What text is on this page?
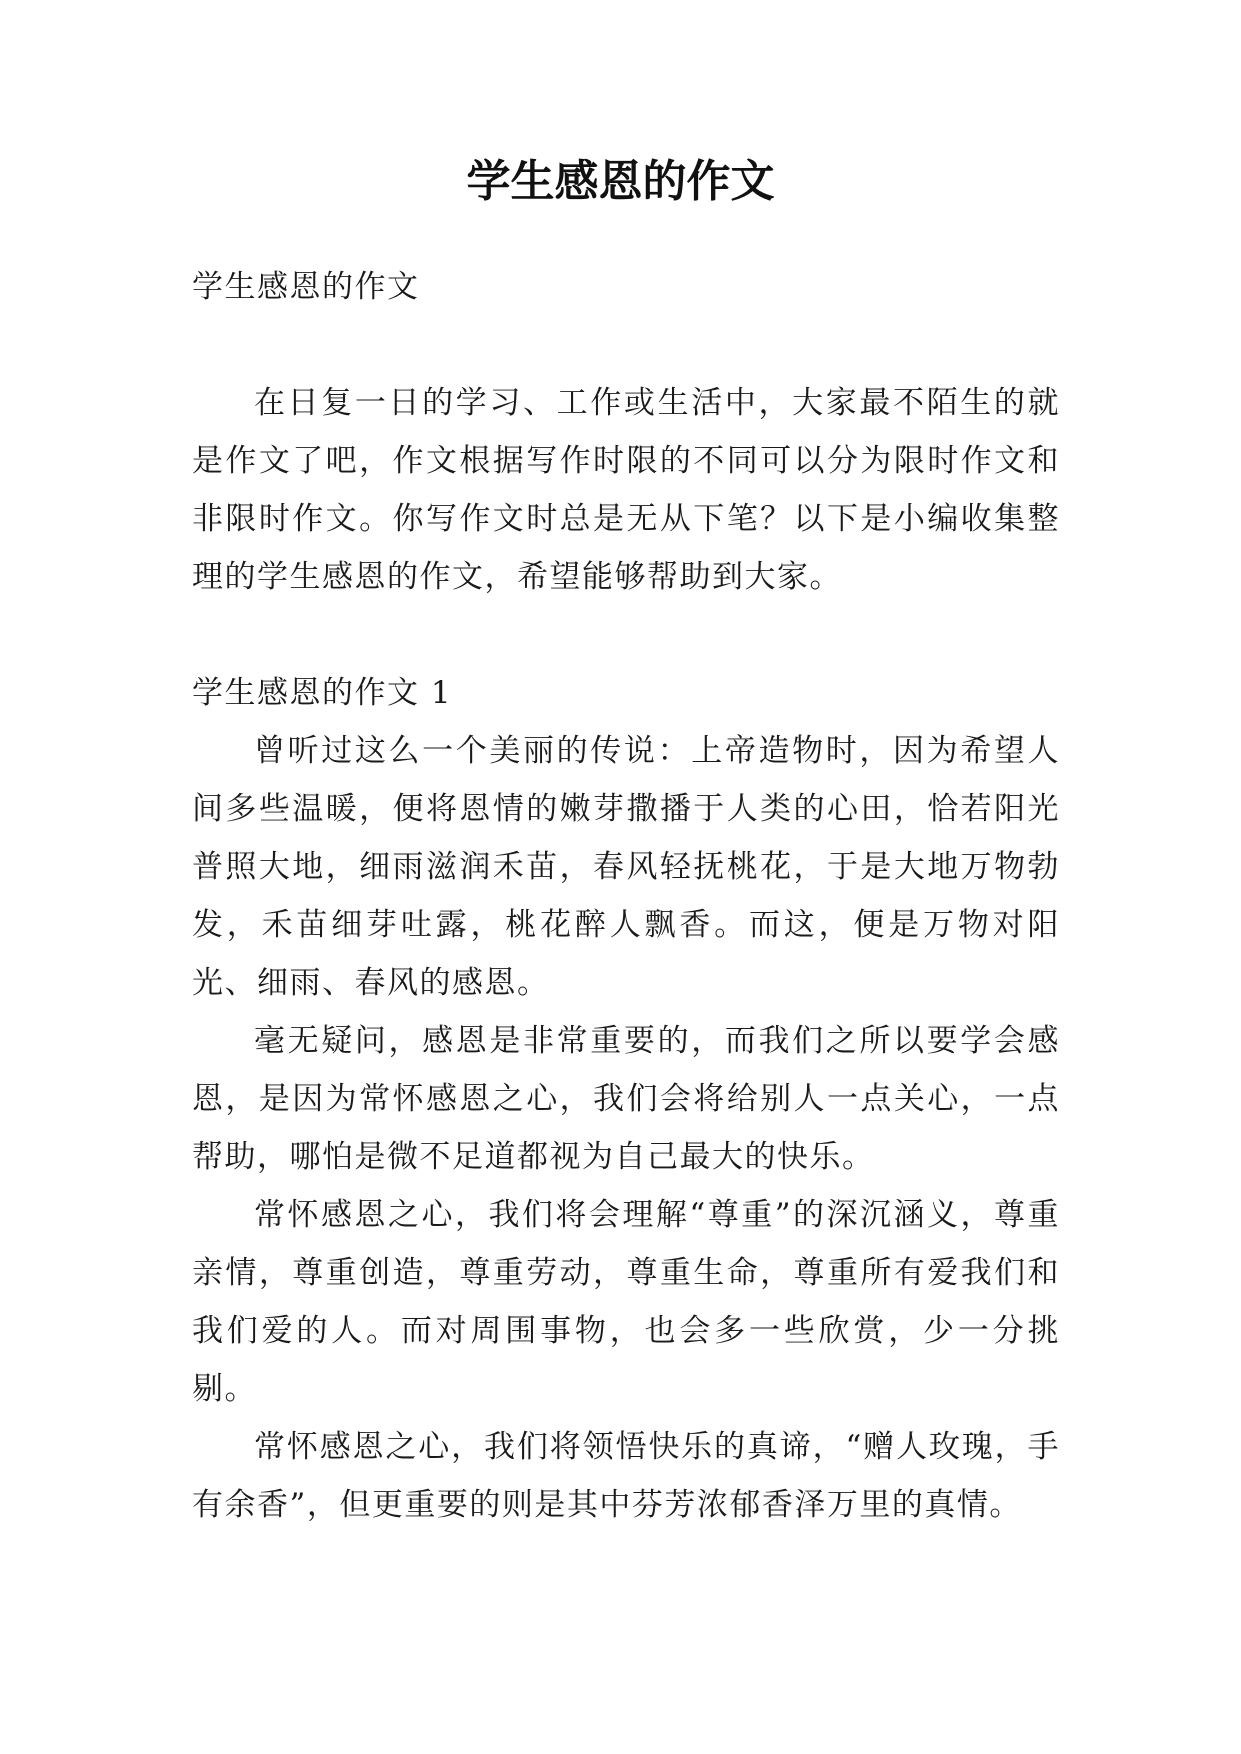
学生感恩的作文
学生感恩的作文

在日复一日的学习、工作或生活中，大家最不陌生的就是作文了吧，作文根据写作时限的不同可以分为限时作文和非限时作文。你写作文时总是无从下笔？以下是小编收集整理的学生感恩的作文，希望能够帮助到大家。

学生感恩的作文 1

曾听过这么一个美丽的传说：上帝造物时，因为希望人间多些温暖，便将恩情的嫩芽撒播于人类的心田，恰若阳光普照大地，细雨滋润禾苗，春风轻抚桃花，于是大地万物勃发，禾苗细芽吐露，桃花醉人飘香。而这，便是万物对阳光、细雨、春风的感恩。

毫无疑问，感恩是非常重要的，而我们之所以要学会感恩，是因为常怀感恩之心，我们会将给别人一点关心，一点帮助，哪怕是微不足道都视为自己最大的快乐。

常怀感恩之心，我们将会理解“尊重”的深沉涵义，尊重亲情，尊重创造，尊重劳动，尊重生命，尊重所有爱我们和我们爱的人。而对周围事物，也会多一些欣赏，少一分挑剔。

常怀感恩之心，我们将领悟快乐的真谛，“赠人玫瑰，手有余香”，但更重要的则是其中芬芳浓郁香泽万里的真情。
